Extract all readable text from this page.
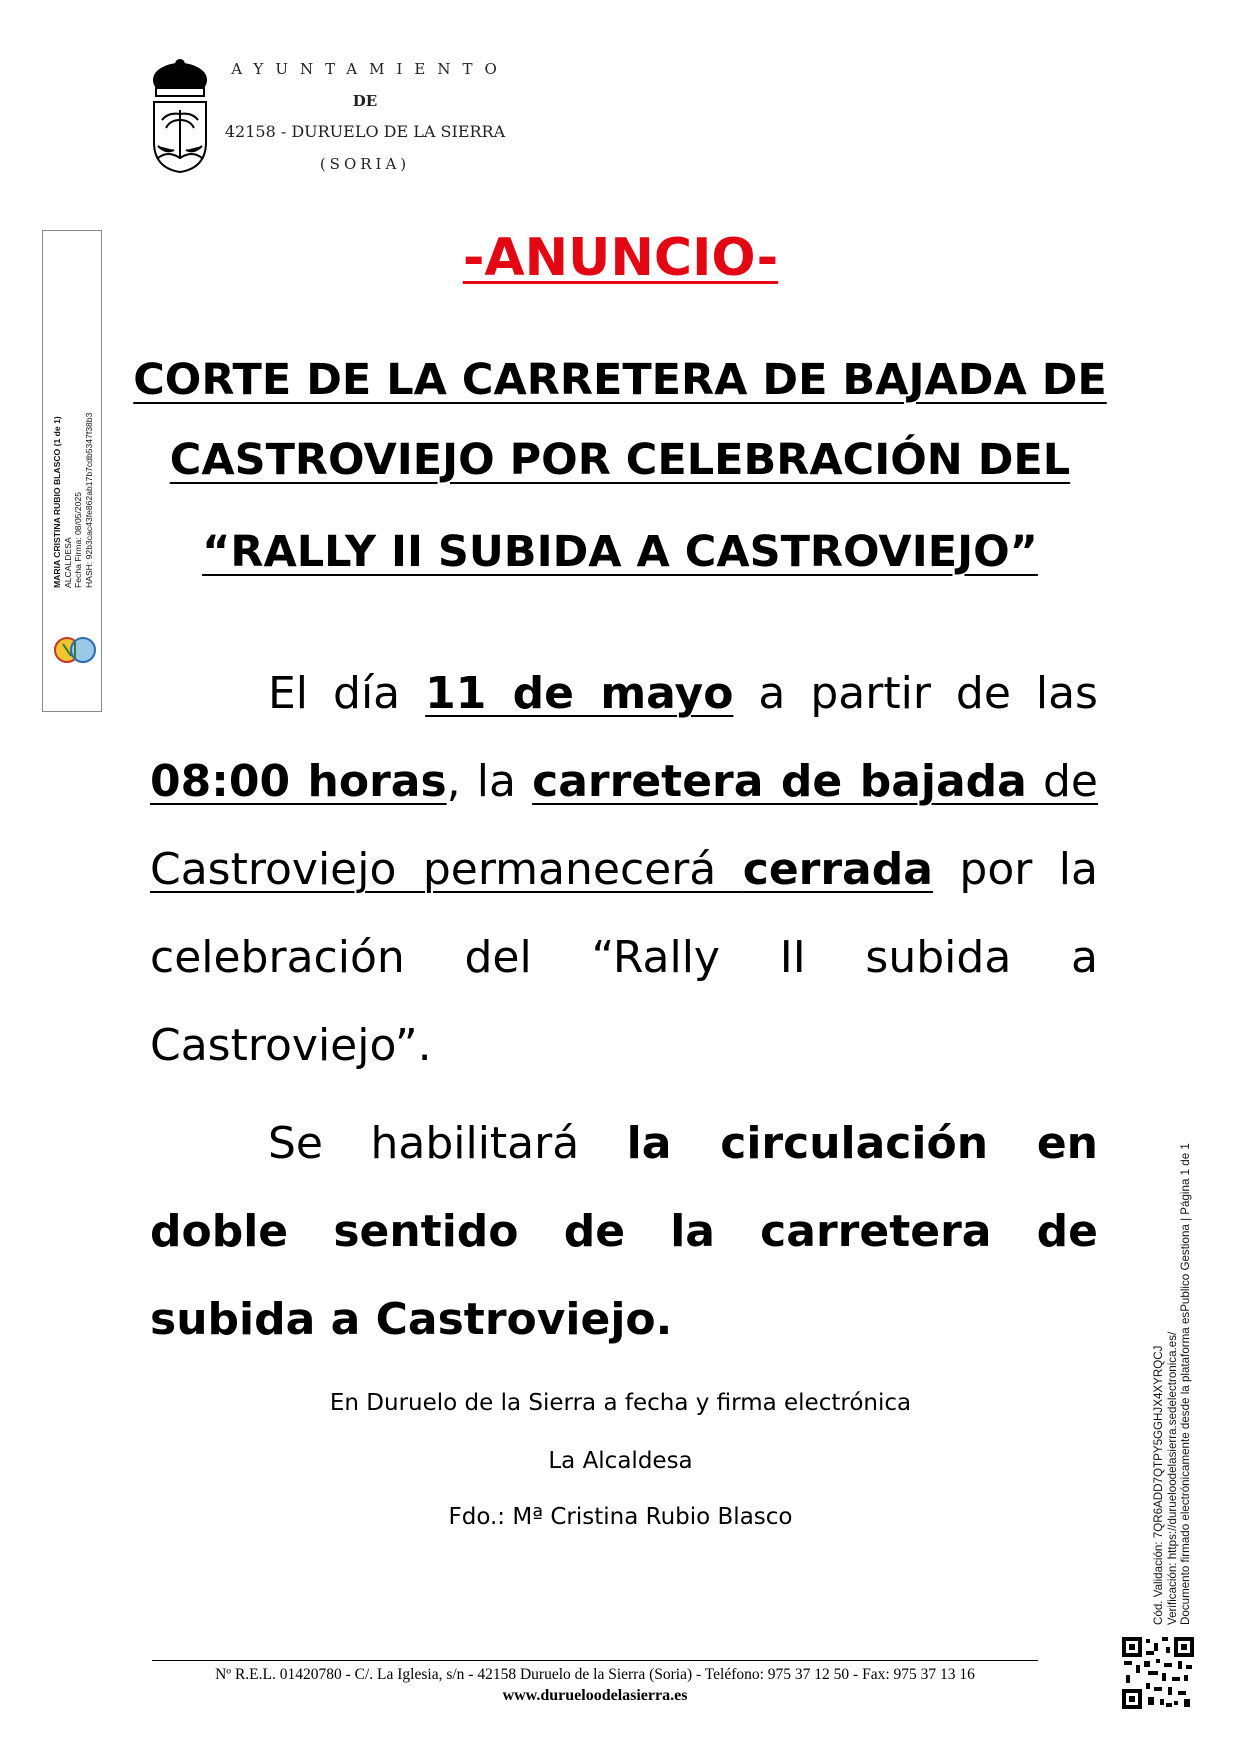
AYUNTAMIENTO
DE
42158 - DURUELO DE LA SIERRA
(SORIA)
MARIA CRISTINA RUBIO BLASCO (1 de 1) ALCALDESA Fecha Firma: 08/05/2025 HASH: 92b3cac43fe862ab17b7cdb5347f38b3
-ANUNCIO-
CORTE DE LA CARRETERA DE BAJADA DE
CASTROVIEJO POR CELEBRACIÓN DEL
“RALLY II SUBIDA A CASTROVIEJO”

El día 11 de mayo a partir de las 08:00 horas, la carretera de bajada de Castroviejo permanecerá cerrada por la celebración del “Rally II subida a Castroviejo”.

Se habilitará la circulación en doble sentido de la carretera de subida a Castroviejo.

En Duruelo de la Sierra a fecha y firma electrónica
La Alcaldesa
Fdo.: Mª Cristina Rubio Blasco
Nº R.E.L. 01420780 - C/. La Iglesia, s/n - 42158 Duruelo de la Sierra (Soria) - Teléfono: 975 37 12 50 - Fax: 975 37 13 16
www.durueloodelasierra.es
Cód. Validación: 7QR6ADD7QTPY5GGHJX4XYRQCJ Verificación: https://durueloodelasierra.sedelectronica.es/ Documento firmado electrónicamente desde la plataforma esPublico Gestiona | Página 1 de 1
